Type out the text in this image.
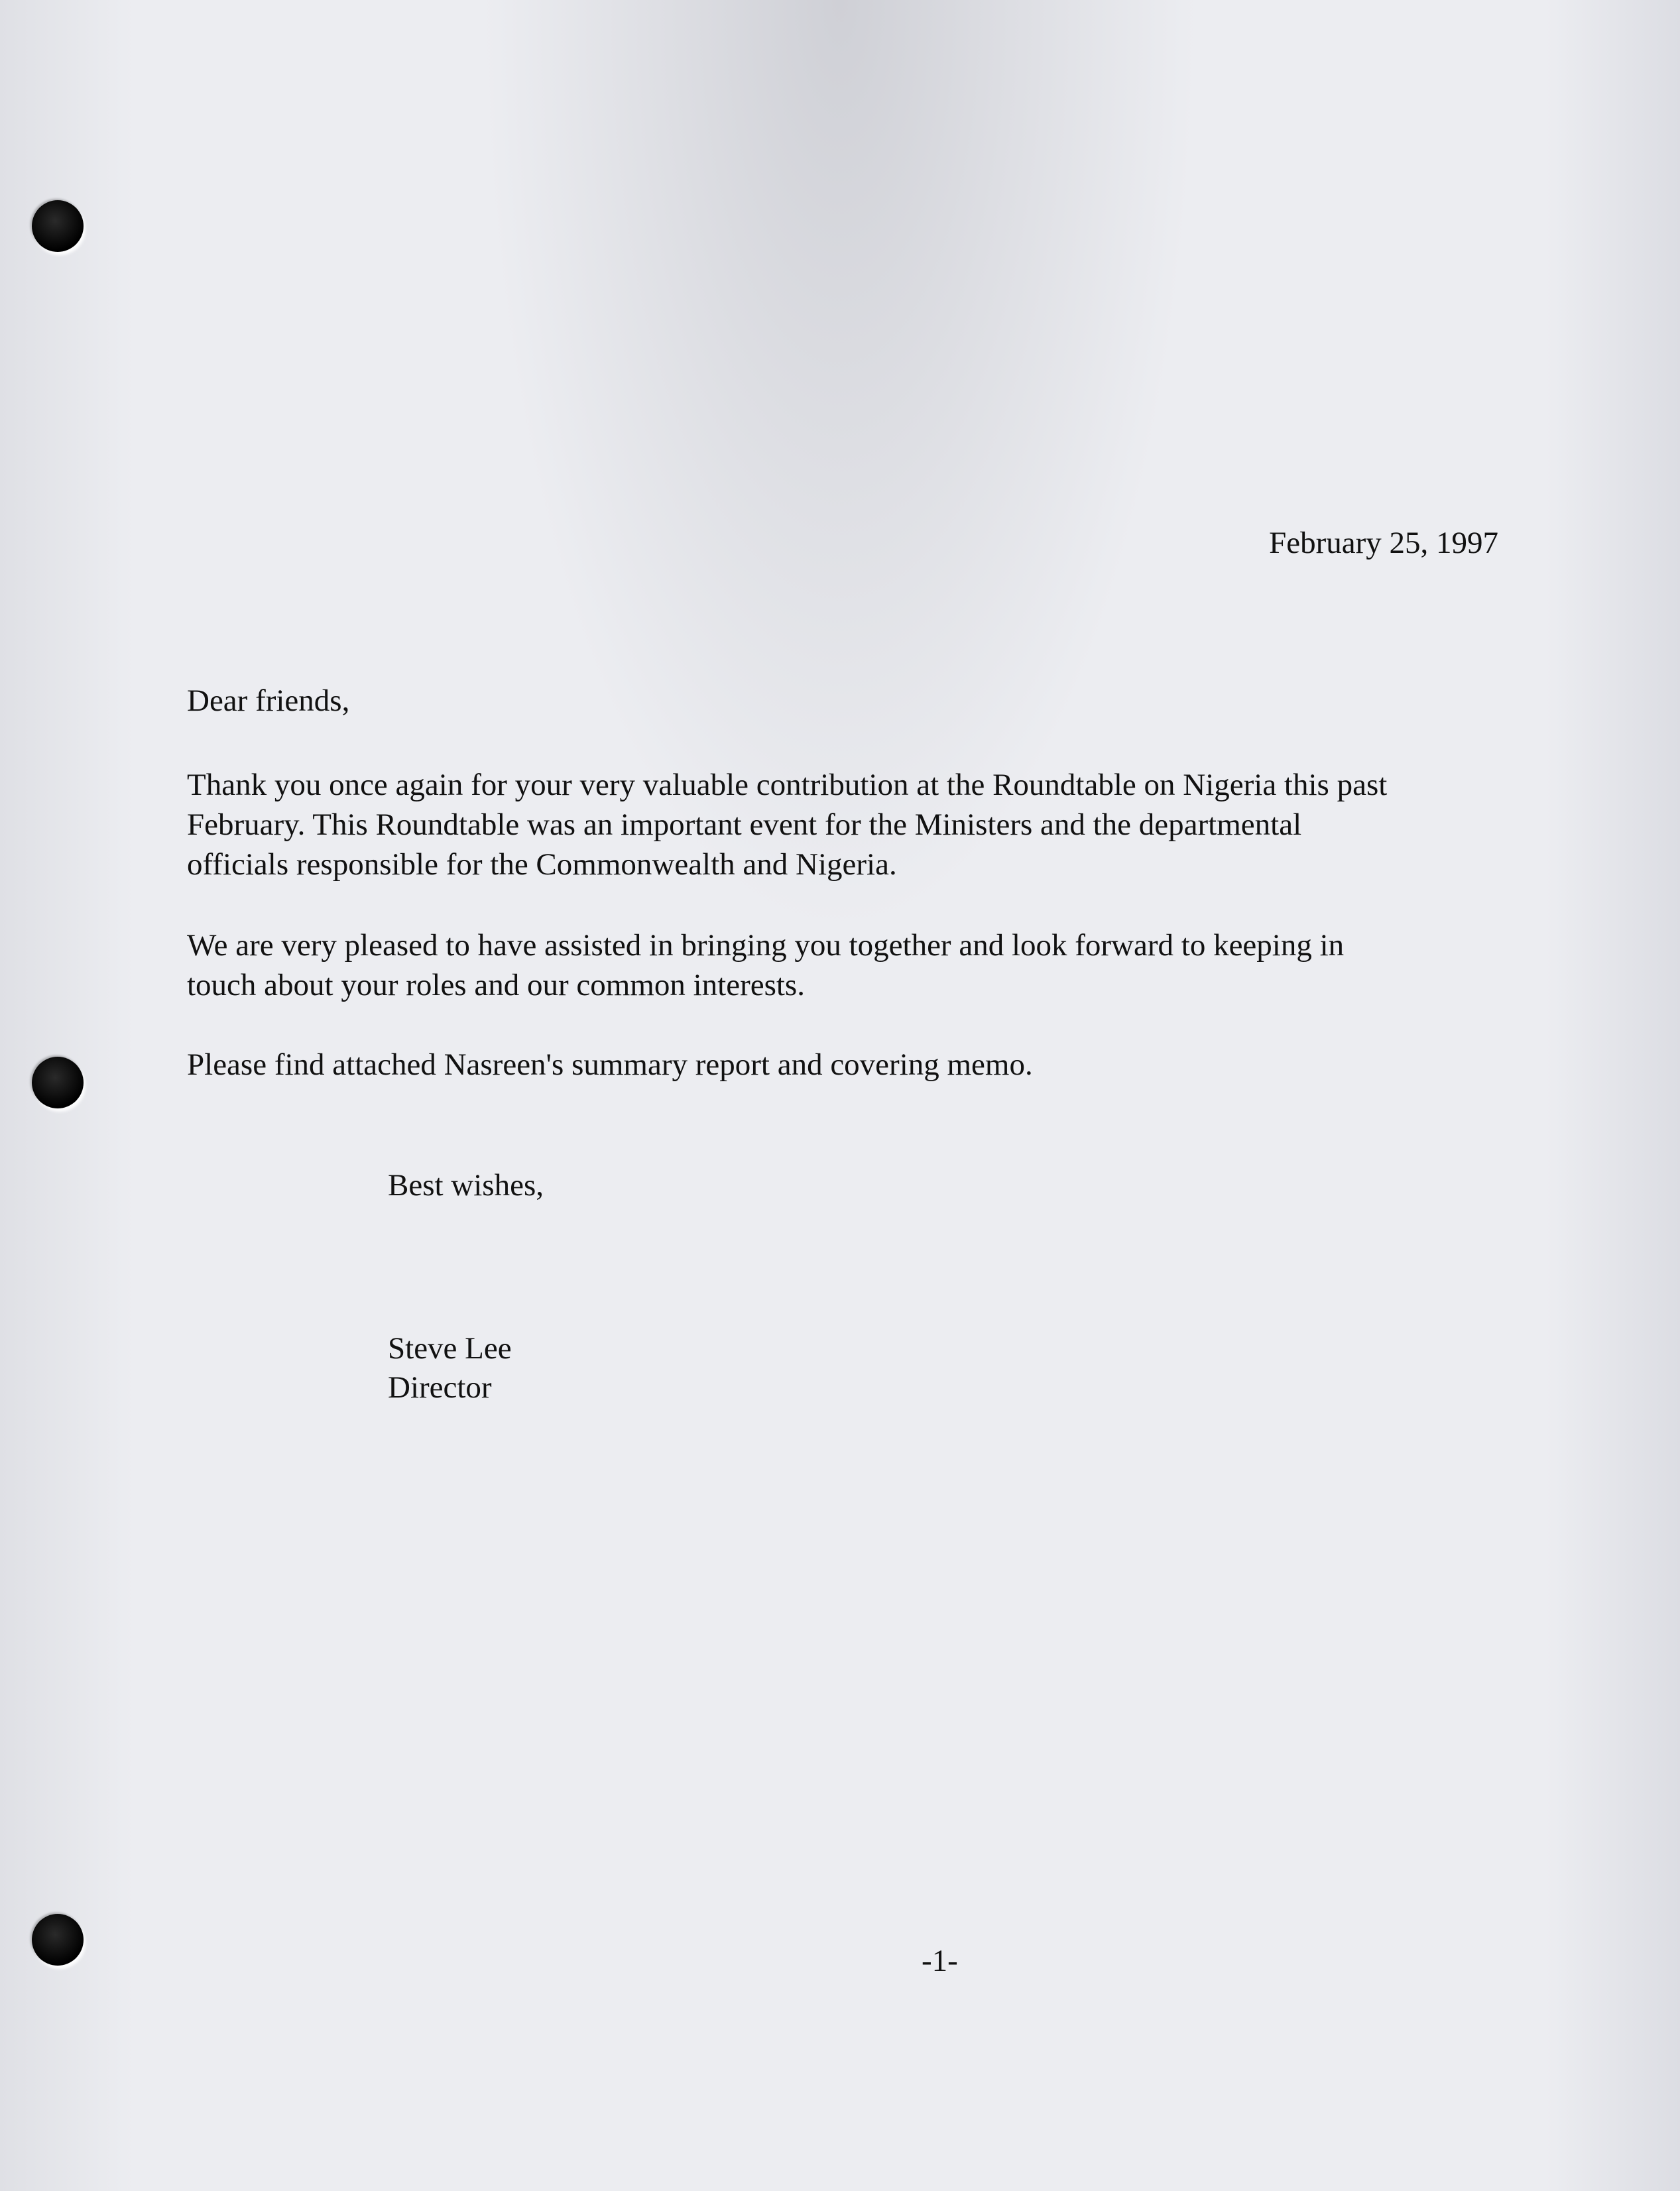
February 25, 1997
Dear friends,
Thank you once again for your very valuable contribution at the Roundtable on Nigeria this past
February. This Roundtable was an important event for the Ministers and the departmental
officials responsible for the Commonwealth and Nigeria.
We are very pleased to have assisted in bringing you together and look forward to keeping in
touch about your roles and our common interests.
Please find attached Nasreen's summary report and covering memo.
Best wishes,
Steve Lee
Director
-1-
